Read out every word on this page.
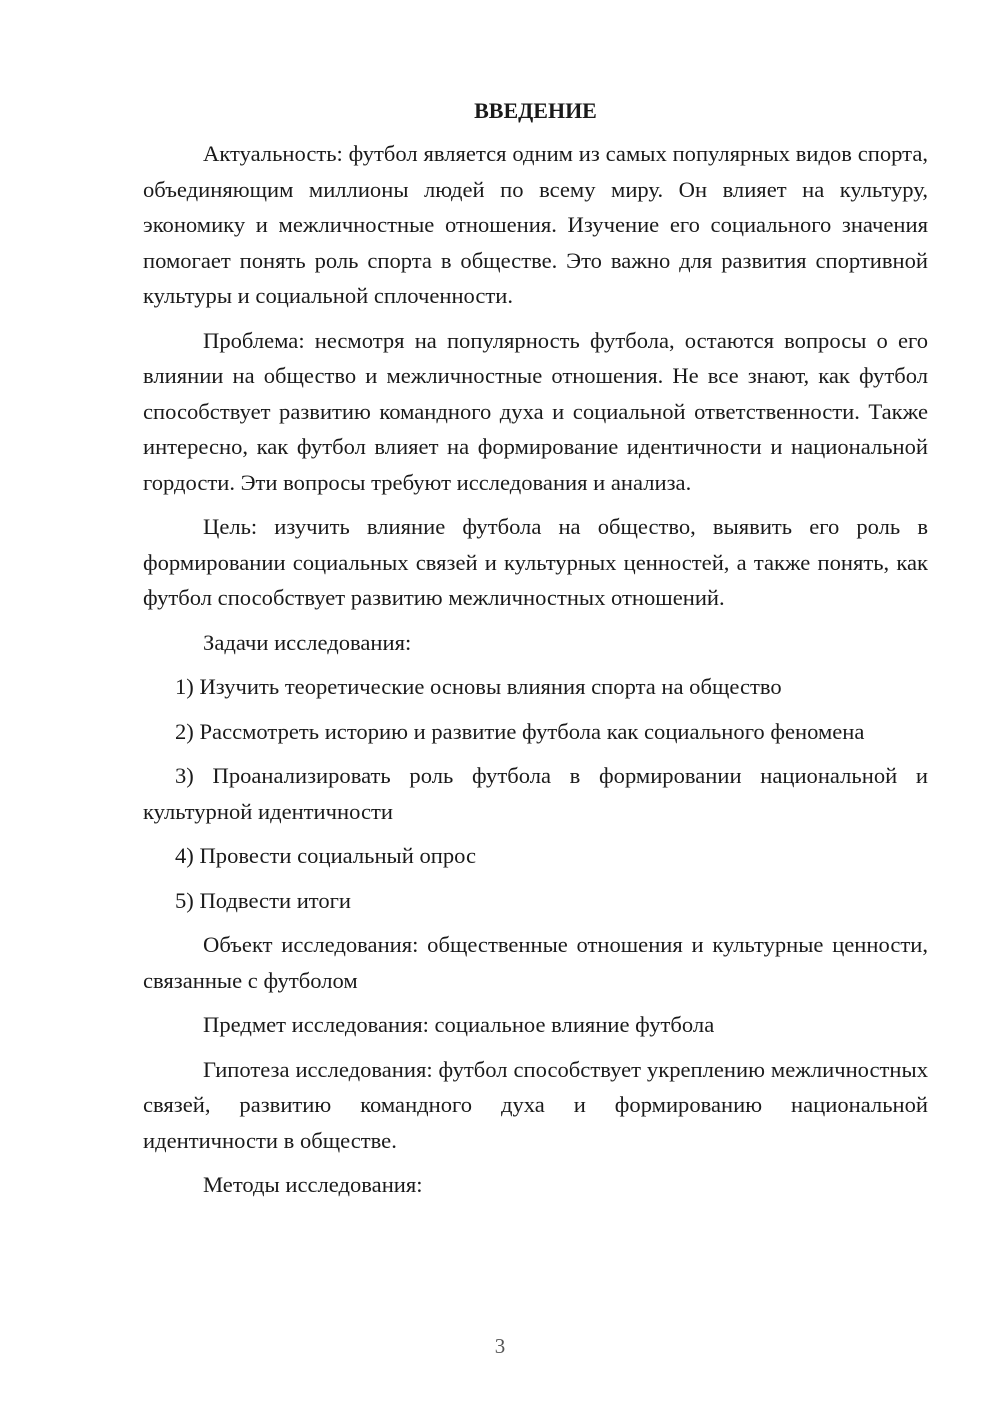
ВВЕДЕНИЕ

Актуальность: футбол является одним из самых популярных видов спорта, объединяющим миллионы людей по всему миру. Он влияет на культуру, экономику и межличностные отношения. Изучение его социального значения помогает понять роль спорта в обществе. Это важно для развития спортивной культуры и социальной сплоченности.

Проблема: несмотря на популярность футбола, остаются вопросы о его влиянии на общество и межличностные отношения. Не все знают, как футбол способствует развитию командного духа и социальной ответственности. Также интересно, как футбол влияет на формирование идентичности и национальной гордости. Эти вопросы требуют исследования и анализа.

Цель: изучить влияние футбола на общество, выявить его роль в формировании социальных связей и культурных ценностей, а также понять, как футбол способствует развитию межличностных отношений.

Задачи исследования:

1) Изучить теоретические основы влияния спорта на общество

2) Рассмотреть историю и развитие футбола как социального феномена

3) Проанализировать роль футбола в формировании национальной и культурной идентичности

4) Провести социальный опрос

5) Подвести итоги

Объект исследования: общественные отношения и культурные ценности, связанные с футболом

Предмет исследования: социальное влияние футбола

Гипотеза исследования: футбол способствует укреплению межличностных связей, развитию командного духа и формированию национальной идентичности в обществе.

Методы исследования:

3
